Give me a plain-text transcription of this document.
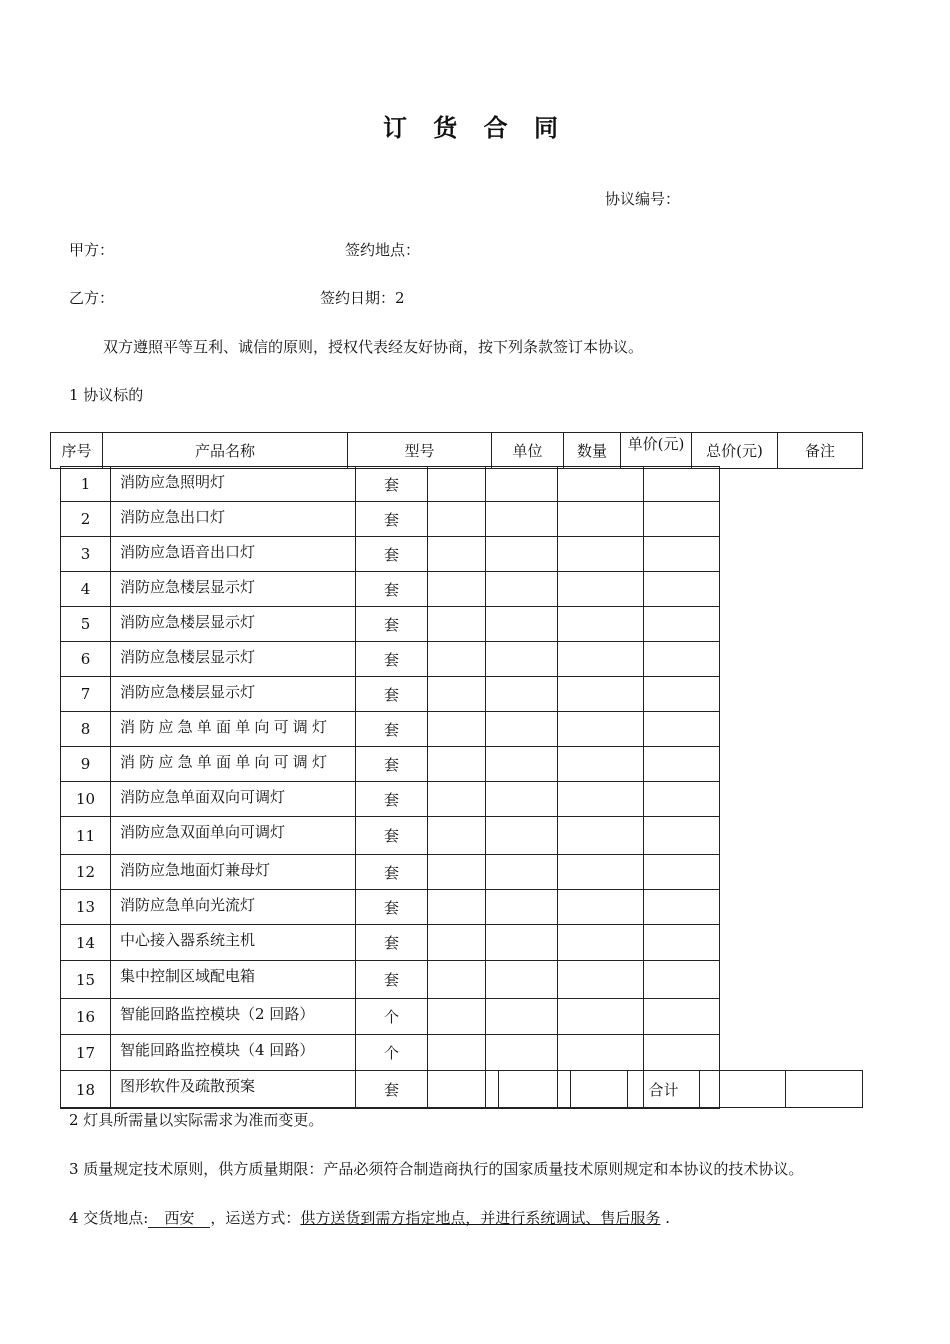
订 货 合 同
协议编号：
甲方：	签约地点：
乙方：	签约日期：2
双方遵照平等互利、诚信的原则，授权代表经友好协商，按下列条款签订本协议。
1 协议标的
序号	产品名称	型号	单位	数量	单价(元)	总价(元)	备注
1	消防应急照明灯	套				
2	消防应急出口灯	套				
3	消防应急语音出口灯	套				
4	消防应急楼层显示灯	套				
5	消防应急楼层显示灯	套				
6	消防应急楼层显示灯	套				
7	消防应急楼层显示灯	套				
8	消防应急单面单向可调灯	套				
9	消防应急单面单向可调灯	套				
10	消防应急单面双向可调灯	套				
11	消防应急双面单向可调灯	套				
12	消防应急地面灯兼母灯	套				
13	消防应急单向光流灯	套				
14	中心接入器系统主机	套				
15	集中控制区域配电箱	套				
16	智能回路监控模块（2 回路）	个				
17	智能回路监控模块（4 回路）	个				
18	图形软件及疏散预案	套				
						合计		
2 灯具所需量以实际需求为准而变更。
3 质量规定技术原则，供方质量期限：产品必须符合制造商执行的国家质量技术原则规定和本协议的技术协议。
4 交货地点: 西安 ，运送方式：供方送货到需方指定地点，并进行系统调试、售后服务 .
